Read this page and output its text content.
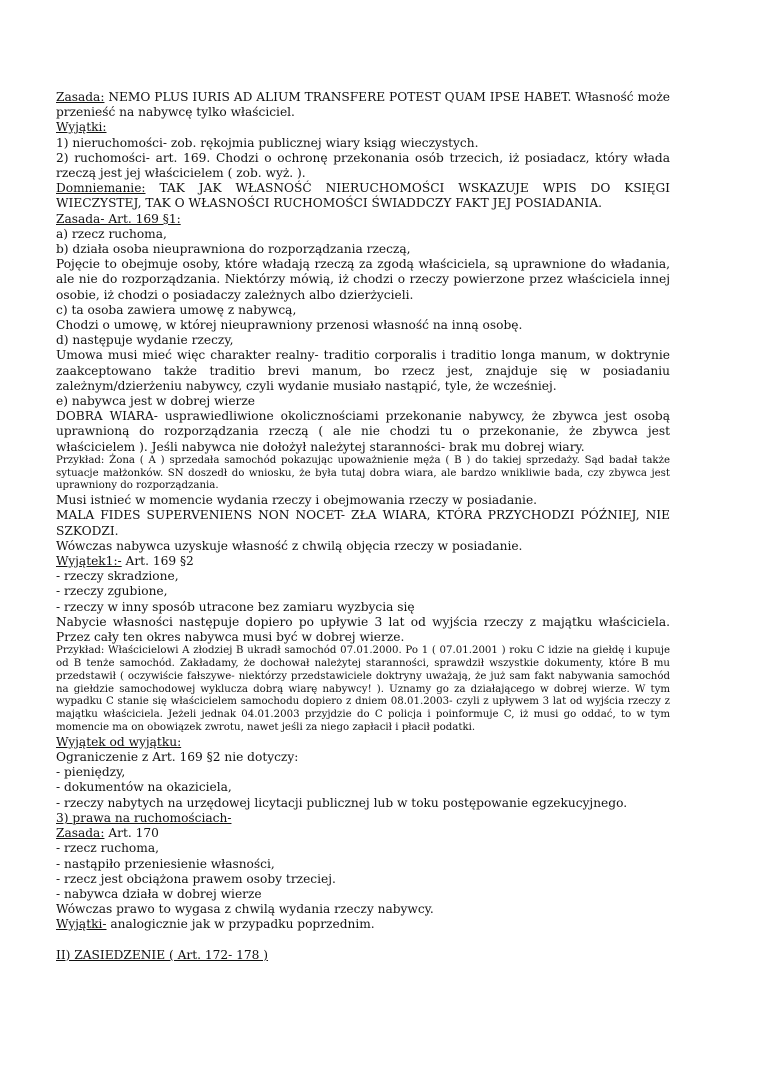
Zasada: NEMO PLUS IURIS AD ALIUM TRANSFERE POTEST QUAM IPSE HABET. Własność może przenieść na nabywcę tylko właściciel.

Wyjątki:

1) nieruchomości- zob. rękojmia publicznej wiary ksiąg wieczystych.

2) ruchomości- art. 169. Chodzi o ochronę przekonania osób trzecich, iż posiadacz, który włada rzeczą jest jej właścicielem ( zob. wyż. ).

Domniemanie: TAK JAK WŁASNOŚĆ NIERUCHOMOŚCI WSKAZUJE WPIS DO KSIĘGI WIECZYSTEJ, TAK O WŁASNOŚCI RUCHOMOŚCI ŚWIADDCZY FAKT JEJ POSIADANIA.

Zasada- Art. 169 §1:

a) rzecz ruchoma,

b) działa osoba nieuprawniona do rozporządzania rzeczą,

Pojęcie to obejmuje osoby, które władają rzeczą za zgodą właściciela, są uprawnione do władania, ale nie do rozporządzania. Niektórzy mówią, iż chodzi o rzeczy powierzone przez właściciela innej osobie, iż chodzi o posiadaczy zależnych albo dzierżycieli.

c) ta osoba zawiera umowę z nabywcą,

Chodzi o umowę, w której nieuprawniony przenosi własność na inną osobę.

d) następuje wydanie rzeczy,

Umowa musi mieć więc charakter realny- traditio corporalis i traditio longa manum, w doktrynie zaakceptowano także traditio brevi manum, bo rzecz jest, znajduje się w posiadaniu zależnym/dzierżeniu nabywcy, czyli wydanie musiało nastąpić, tyle, że wcześniej.

e) nabywca jest w dobrej wierze

DOBRA WIARA- usprawiedliwione okolicznościami przekonanie nabywcy, że zbywca jest osobą uprawnioną do rozporządzania rzeczą ( ale nie chodzi tu o przekonanie, że zbywca jest właścicielem ). Jeśli nabywca nie dołożył należytej staranności- brak mu dobrej wiary.

Przykład: Żona ( A ) sprzedała samochód pokazując upoważnienie męża ( B ) do takiej sprzedaży. Sąd badał także sytuacje małżonków. SN doszedł do wniosku, że była tutaj dobra wiara, ale bardzo wnikliwie bada, czy zbywca jest uprawniony do rozporządzania.

Musi istnieć w momencie wydania rzeczy i obejmowania rzeczy w posiadanie.

MALA FIDES SUPERVENIENS NON NOCET- ZŁA WIARA, KTÓRA PRZYCHODZI PÓŹNIEJ, NIE SZKODZI.

Wówczas nabywca uzyskuje własność z chwilą objęcia rzeczy w posiadanie.

Wyjątek1:- Art. 169 §2

- rzeczy skradzione,

- rzeczy zgubione,

- rzeczy w inny sposób utracone bez zamiaru wyzbycia się

Nabycie własności następuje dopiero po upływie 3 lat od wyjścia rzeczy z majątku właściciela. Przez cały ten okres nabywca musi być w dobrej wierze.

Przykład: Właścicielowi A złodziej B ukradł samochód 07.01.2000. Po 1 ( 07.01.2001 ) roku C idzie na giełdę i kupuje od B tenże samochód. Zakładamy, że dochował należytej staranności, sprawdził wszystkie dokumenty, które B mu przedstawił ( oczywiście fałszywe- niektórzy przedstawiciele doktryny uważają, że już sam fakt nabywania samochód na giełdzie samochodowej wyklucza dobrą wiarę nabywcy! ). Uznamy go za działającego w dobrej wierze. W tym wypadku C stanie się właścicielem samochodu dopiero z dniem 08.01.2003- czyli z upływem 3 lat od wyjścia rzeczy z majątku właściciela. Jeżeli jednak 04.01.2003 przyjdzie do C policja i poinformuje C, iż musi go oddać, to w tym momencie ma on obowiązek zwrotu, nawet jeśli za niego zapłacił i płacił podatki.

Wyjątek od wyjątku:

Ograniczenie z Art. 169 §2 nie dotyczy:

- pieniędzy,

- dokumentów na okaziciela,

- rzeczy nabytych na urzędowej licytacji publicznej lub w toku postępowanie egzekucyjnego.

3) prawa na ruchomościach-

Zasada: Art. 170

- rzecz ruchoma,

- nastąpiło przeniesienie własności,

- rzecz jest obciążona prawem osoby trzeciej.

- nabywca działa w dobrej wierze

Wówczas prawo to wygasa z chwilą wydania rzeczy nabywcy.

Wyjątki- analogicznie jak w przypadku poprzednim.

II) ZASIEDZENIE ( Art. 172- 178 )
